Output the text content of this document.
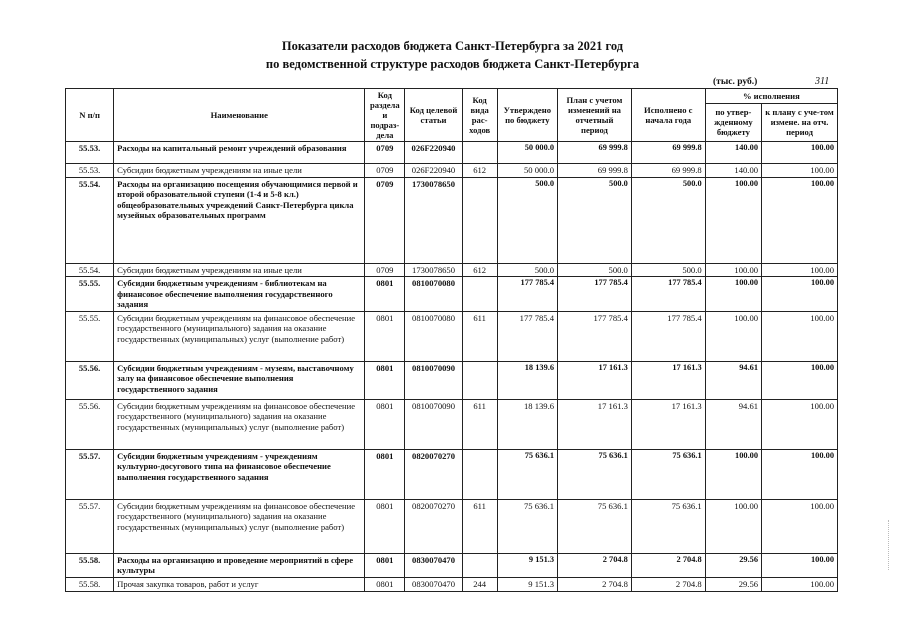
Показатели расходов бюджета Санкт-Петербурга за 2021 год
по ведомственной структуре расходов бюджета Санкт-Петербурга
(тыс. руб.)	311
N п/п	Наименование	Код раздела и подраз-дела	Код целевой статьи	Код вида рас-ходов	Утверждено по бюджету	План с учетом изменений на отчетный период	Исполнено с начала года	% исполнения	
								по утвер-жденному бюджету	к плану с уче-том измене. на отч. период
55.53.	Расходы на капитальный ремонт учреждений образования	0709	026F220940		50 000.0	69 999.8	69 999.8	140.00	100.00
55.53.	Субсидии бюджетным учреждениям на иные цели	0709	026F220940	612	50 000.0	69 999.8	69 999.8	140.00	100.00
55.54.	Расходы на организацию посещения обучающимися первой и второй образовательной ступени (1-4 и 5-8 кл.) общеобразовательных учреждений Санкт-Петербурга цикла музейных образовательных программ	0709	1730078650		500.0	500.0	500.0	100.00	100.00
55.54.	Субсидии бюджетным учреждениям на иные цели	0709	1730078650	612	500.0	500.0	500.0	100.00	100.00
55.55.	Субсидии бюджетным учреждениям - библиотекам на финансовое обеспечение выполнения государственного задания	0801	0810070080		177 785.4	177 785.4	177 785.4	100.00	100.00
55.55.	Субсидии бюджетным учреждениям на финансовое обеспечение государственного (муниципального) задания на оказание государственных (муниципальных) услуг (выполнение работ)	0801	0810070080	611	177 785.4	177 785.4	177 785.4	100.00	100.00
55.56.	Субсидии бюджетным учреждениям - музеям, выставочному залу на финансовое обеспечение выполнения государственного задания	0801	0810070090		18 139.6	17 161.3	17 161.3	94.61	100.00
55.56.	Субсидии бюджетным учреждениям на финансовое обеспечение государственного (муниципального) задания на оказание государственных (муниципальных) услуг (выполнение работ)	0801	0810070090	611	18 139.6	17 161.3	17 161.3	94.61	100.00
55.57.	Субсидии бюджетным учреждениям - учреждениям культурно-досугового типа на финансовое обеспечение выполнения государственного задания	0801	0820070270		75 636.1	75 636.1	75 636.1	100.00	100.00
55.57.	Субсидии бюджетным учреждениям на финансовое обеспечение государственного (муниципального) задания на оказание государственных (муниципальных) услуг (выполнение работ)	0801	0820070270	611	75 636.1	75 636.1	75 636.1	100.00	100.00
55.58.	Расходы на организацию и проведение мероприятий в сфере культуры	0801	0830070470		9 151.3	2 704.8	2 704.8	29.56	100.00
55.58.	Прочая закупка товаров, работ и услуг	0801	0830070470	244	9 151.3	2 704.8	2 704.8	29.56	100.00
